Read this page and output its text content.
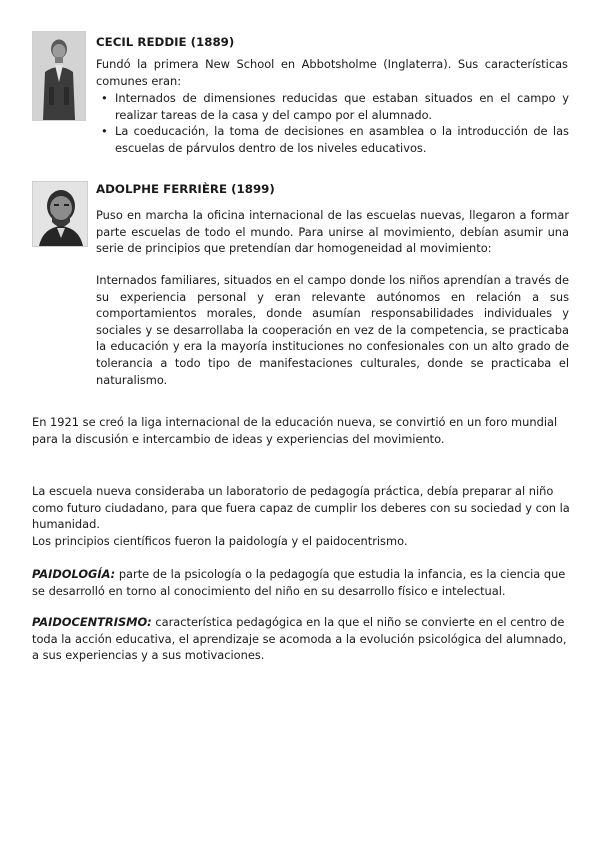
CECIL REDDIE (1889)
Fundó la primera New School en Abbotsholme (Inglaterra). Sus características comunes eran:
• Internados de dimensiones reducidas que estaban situados en el campo y realizar tareas de la casa y del campo por el alumnado.
• La coeducación, la toma de decisiones en asamblea o la introducción de las escuelas de párvulos dentro de los niveles educativos.
ADOLPHE FERRIÈRE (1899)
Puso en marcha la oficina internacional de las escuelas nuevas, llegaron a formar parte escuelas de todo el mundo. Para unirse al movimiento, debían asumir una serie de principios que pretendían dar homogeneidad al movimiento:
Internados familiares, situados en el campo donde los niños aprendían a través de su experiencia personal y eran relevante autónomos en relación a sus comportamientos morales, donde asumían responsabilidades individuales y sociales y se desarrollaba la cooperación en vez de la competencia, se practicaba la educación y era la mayoría instituciones no confesionales con un alto grado de tolerancia a todo tipo de manifestaciones culturales, donde se practicaba el naturalismo.
En 1921 se creó la liga internacional de la educación nueva, se convirtió en un foro mundial para la discusión e intercambio de ideas y experiencias del movimiento.

La escuela nueva consideraba un laboratorio de pedagogía práctica, debía preparar al niño como futuro ciudadano, para que fuera capaz de cumplir los deberes con su sociedad y con la humanidad.

Los principios científicos fueron la paidología y el paidocentrismo.

PAIDOLOGÍA: parte de la psicología o la pedagogía que estudia la infancia, es la ciencia que se desarrolló en torno al conocimiento del niño en su desarrollo físico e intelectual.
PAIDOCENTRISMO: característica pedagógica en la que el niño se convierte en el centro de toda la acción educativa, el aprendizaje se acomoda a la evolución psicológica del alumnado, a sus experiencias y a sus motivaciones.
